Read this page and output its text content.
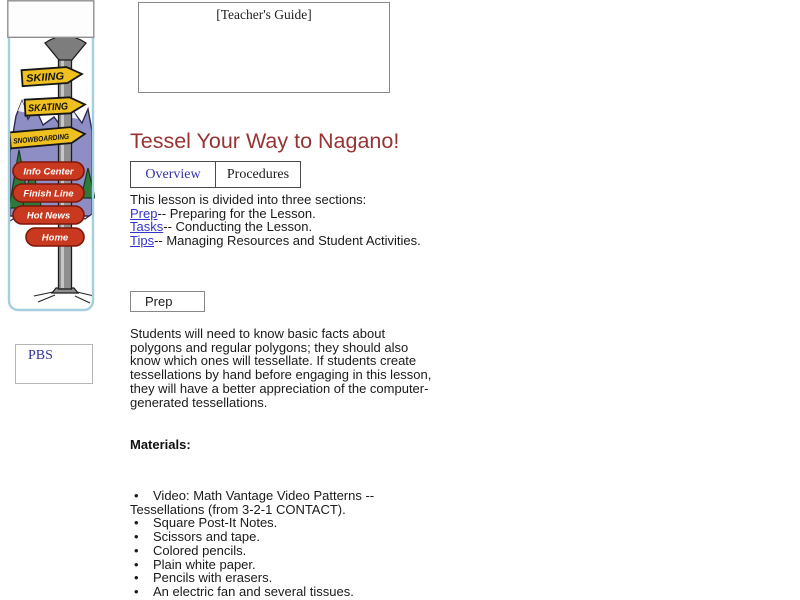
SKIING
SKATING
SNOWBOARDING
Info Center
Finish Line
Hot News
Home
PBS
[Teacher's Guide]
Tessel Your Way to Nagano!
Overview	Procedures
This lesson is divided into three sections:
Prep-- Preparing for the Lesson.
Tasks-- Conducting the Lesson.
Tips-- Managing Resources and Student Activities.
Prep
Students will need to know basic facts about
polygons and regular polygons; they should also
know which ones will tessellate. If students create
tessellations by hand before engaging in this lesson,
they will have a better appreciation of the computer-
generated tessellations.
Materials:
• Video: Math Vantage Video Patterns -- Tessellations (from 3-2-1 CONTACT).
• Square Post-It Notes.
• Scissors and tape.
• Colored pencils.
• Plain white paper.
• Pencils with erasers.
• An electric fan and several tissues.
